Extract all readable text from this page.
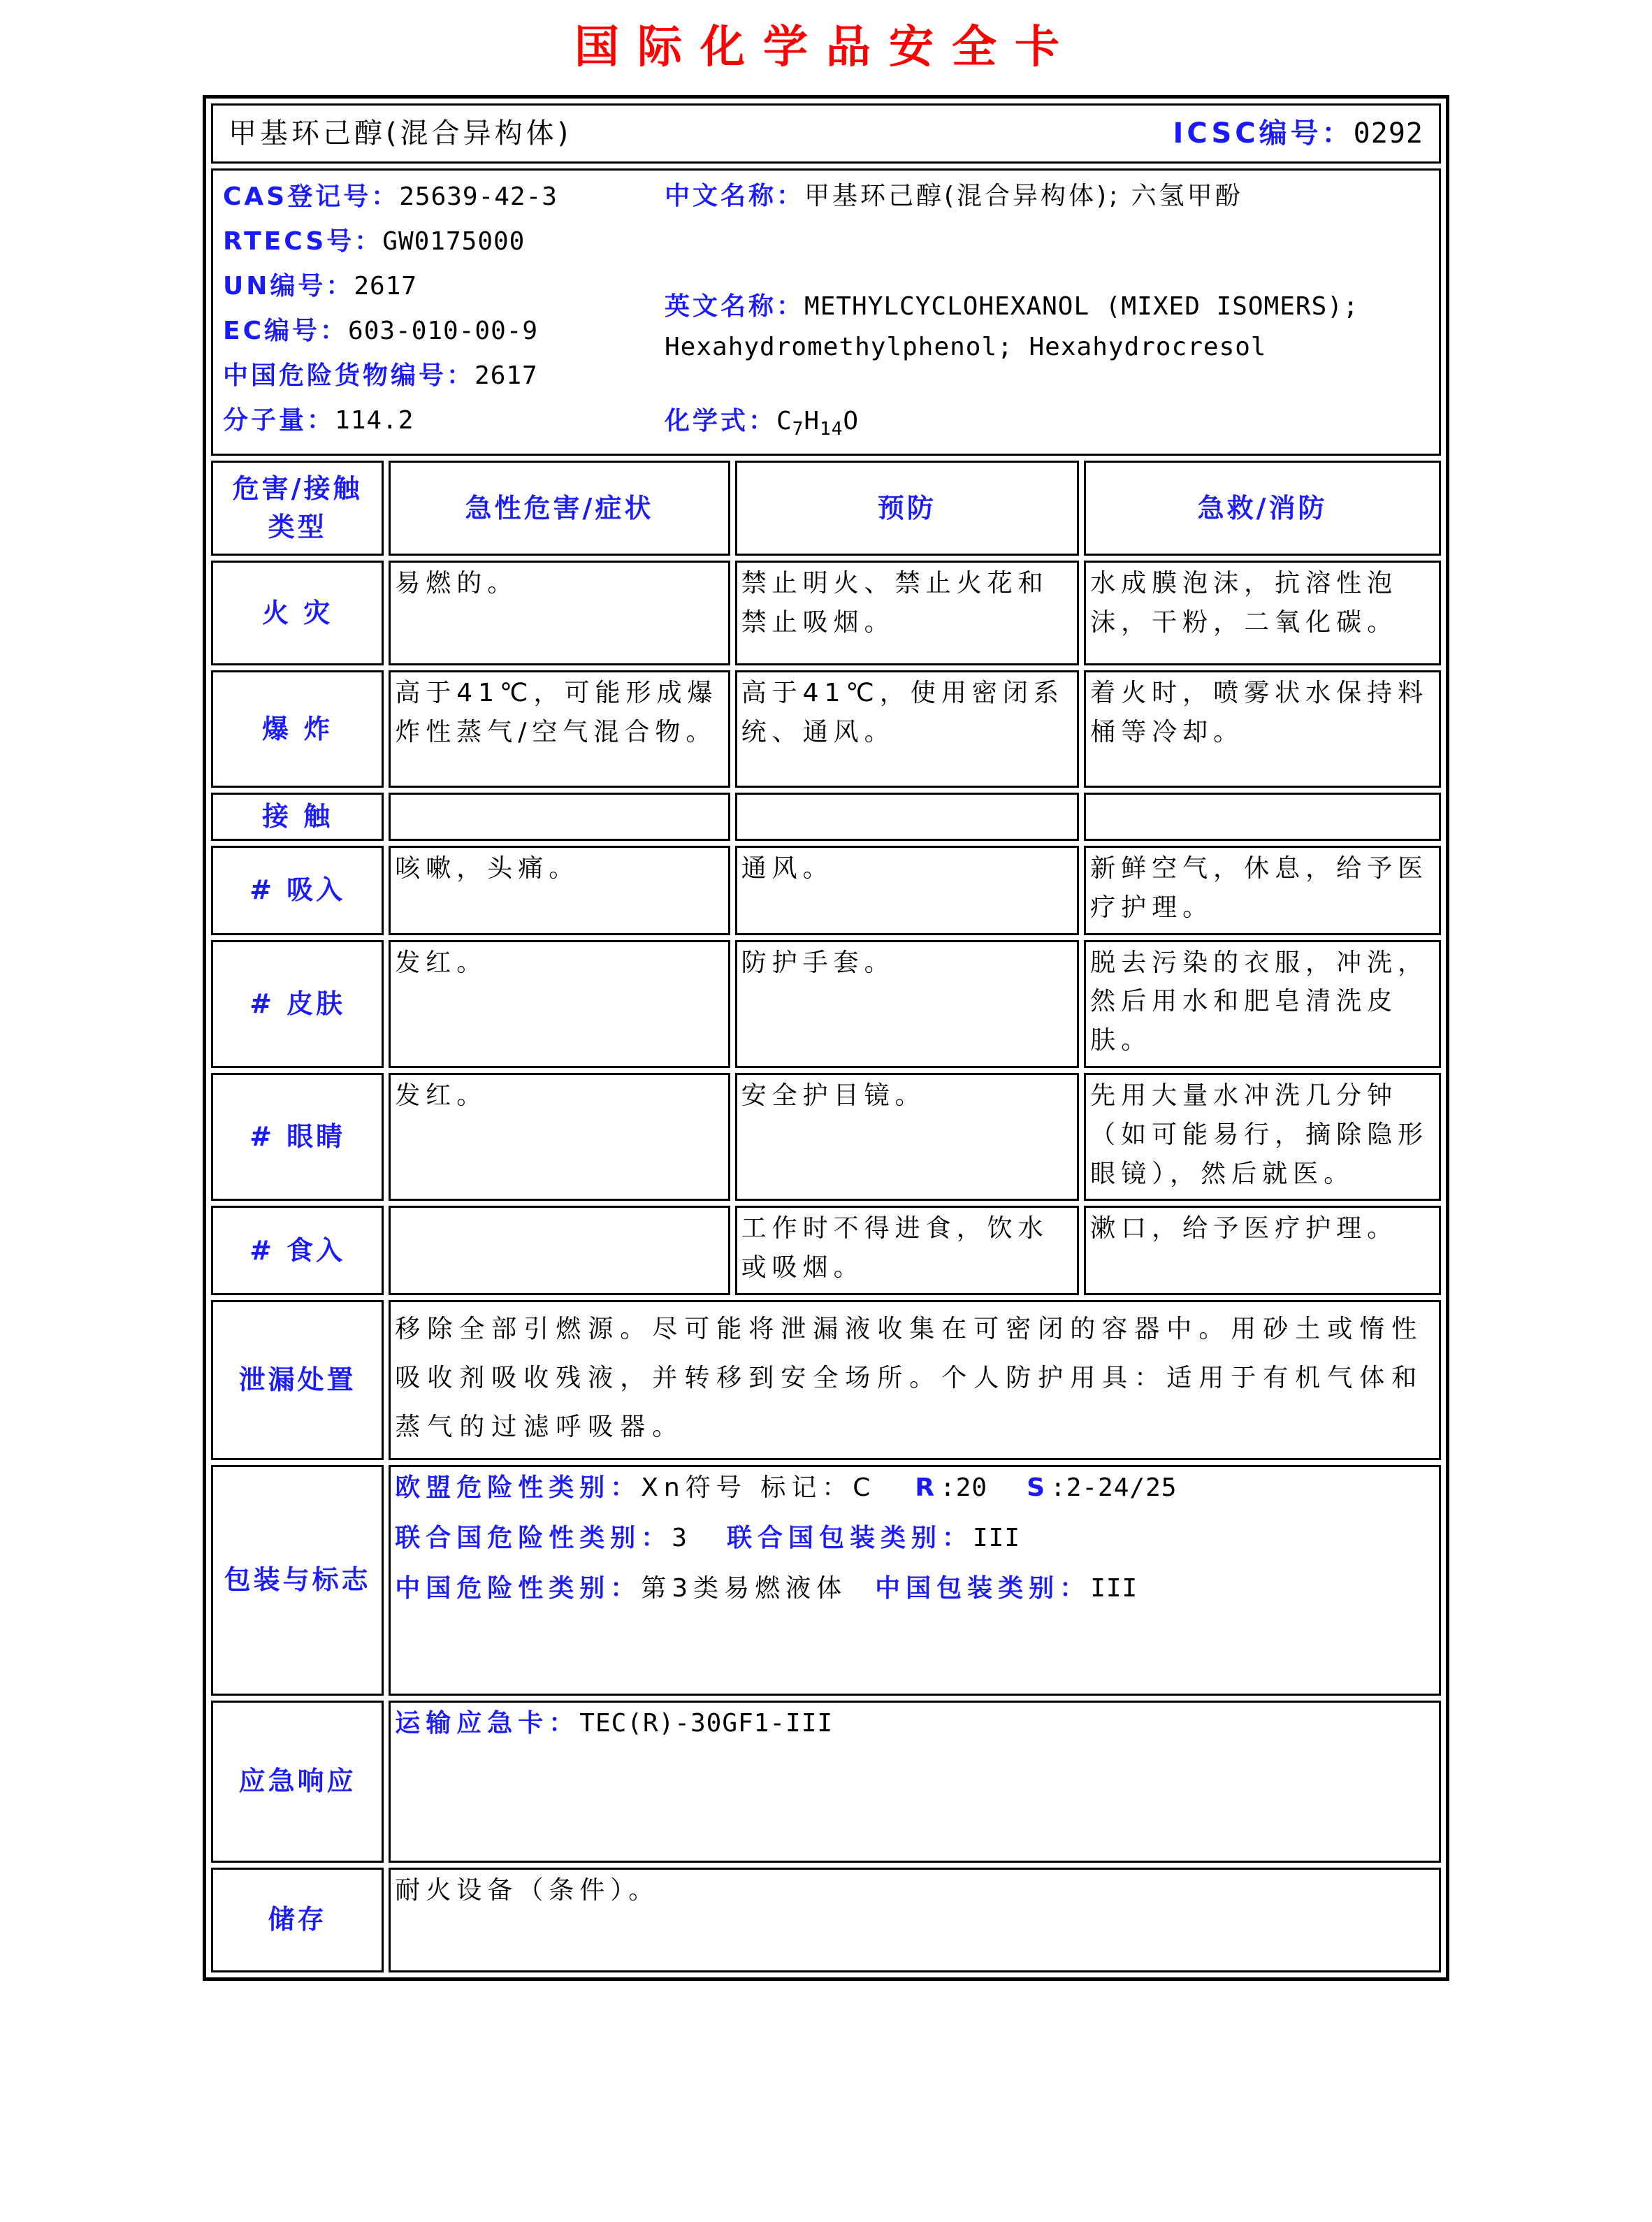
国际化学品安全卡
甲基环己醇(混合异构体) ICSC编号：0292			

CAS登记号：25639-42-3
RTECS号：GW0175000
UN编号：2617
EC编号：603-010-00-9
中国危险货物编号：2617
分子量：114.2
中文名称：甲基环己醇(混合异构体); 六氢甲酚
英文名称：METHYLCYCLOHEXANOL (MIXED ISOMERS); Hexahydromethylphenol; Hexahydrocresol
化学式：$C_7H_{14}O$

危害/接触
类型	急性危害/症状	预防	急救/消防
火 灾	易燃的。	禁止明火、禁止火花和禁止吸烟。	水成膜泡沫，抗溶性泡沫，干粉，二氧化碳。
爆 炸	高于41℃，可能形成爆炸性蒸气/空气混合物。	高于41℃，使用密闭系统、通风。	着火时，喷雾状水保持料桶等冷却。
接 触			
# 吸入	咳嗽，头痛。	通风。	新鲜空气，休息，给予医疗护理。
# 皮肤	发红。	防护手套。	脱去污染的衣服，冲洗，然后用水和肥皂清洗皮肤。
# 眼睛	发红。	安全护目镜。	先用大量水冲洗几分钟（如可能易行，摘除隐形眼镜），然后就医。
# 食入		工作时不得进食，饮水或吸烟。	漱口，给予医疗护理。
泄漏处置	移除全部引燃源。尽可能将泄漏液收集在可密闭的容器中。用砂土或惰性吸收剂吸收残液，并转移到安全场所。个人防护用具：适用于有机气体和蒸气的过滤呼吸器。		

包装与标志	欧盟危险性类别：Xn符号 标记：C R:20 S:2-24/25
联合国危险性类别：3 联合国包装类别：III
中国危险性类别：第3类易燃液体 中国包装类别：III		

应急响应	运输应急卡：TEC(R)-30GF1-III		

储存	耐火设备（条件）。		
